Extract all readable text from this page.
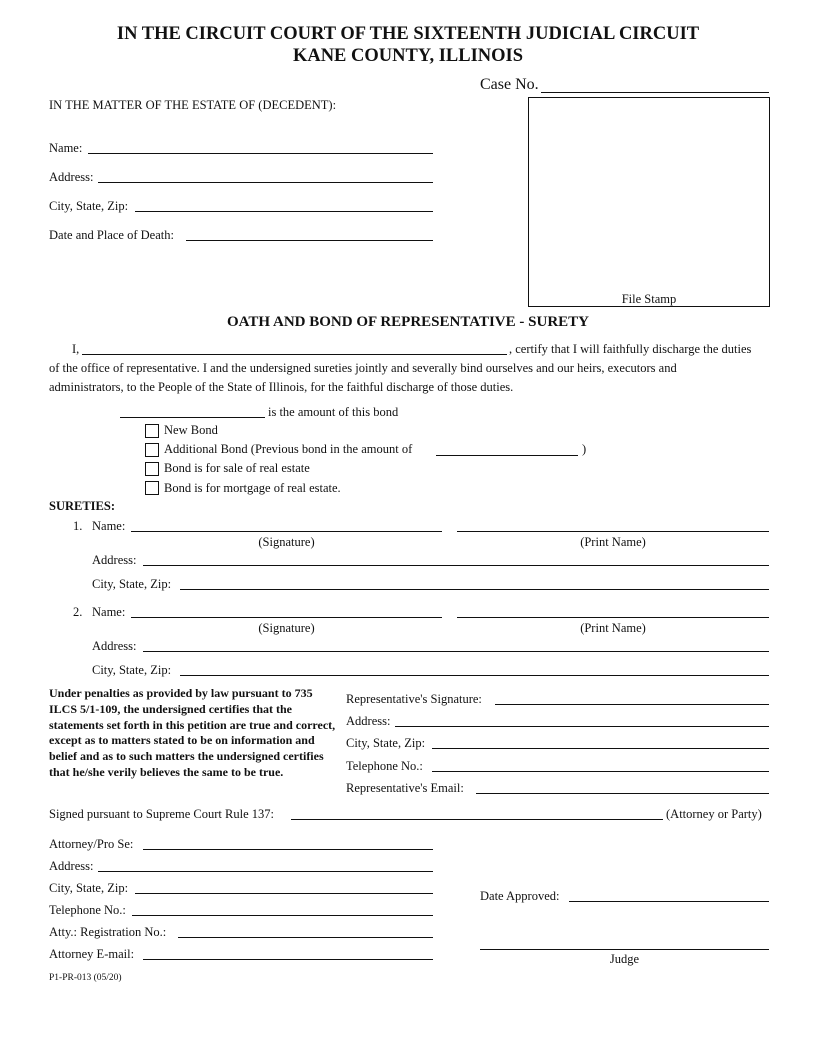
IN THE CIRCUIT COURT OF THE SIXTEENTH JUDICIAL CIRCUIT
KANE COUNTY, ILLINOIS
Case No.
File Stamp
IN THE MATTER OF THE ESTATE OF (DECEDENT):
Name:
Address:
City, State, Zip:
Date and Place of Death:
OATH AND BOND OF REPRESENTATIVE - SURETY
I,	, certify that I will faithfully discharge the duties
of the office of representative. I and the undersigned sureties jointly and severally bind ourselves and our heirs, executors and
administrators, to the People of the State of Illinois, for the faithful discharge of those duties.
is the amount of this bond
New Bond
Additional Bond (Previous bond in the amount of	)
Bond is for sale of real estate
Bond is for mortgage of real estate.
SURETIES:
1. Name:
(Signature)	(Print Name)
Address:
City, State, Zip:
2. Name:
(Signature)	(Print Name)
Address:
City, State, Zip:
Under penalties as provided by law pursuant to 735 ILCS 5/1-109, the undersigned certifies that the statements set forth in this petition are true and correct, except as to matters stated to be on information and belief and as to such matters the undersigned certifies that he/she verily believes the same to be true.
Representative's Signature:
Address:
City, State, Zip:
Telephone No.:
Representative's Email:
Signed pursuant to Supreme Court Rule 137:	(Attorney or Party)
Attorney/Pro Se:
Address:
City, State, Zip:
Telephone No.:
Atty.: Registration No.:
Attorney E-mail:
Date Approved:
Judge
P1-PR-013 (05/20)
